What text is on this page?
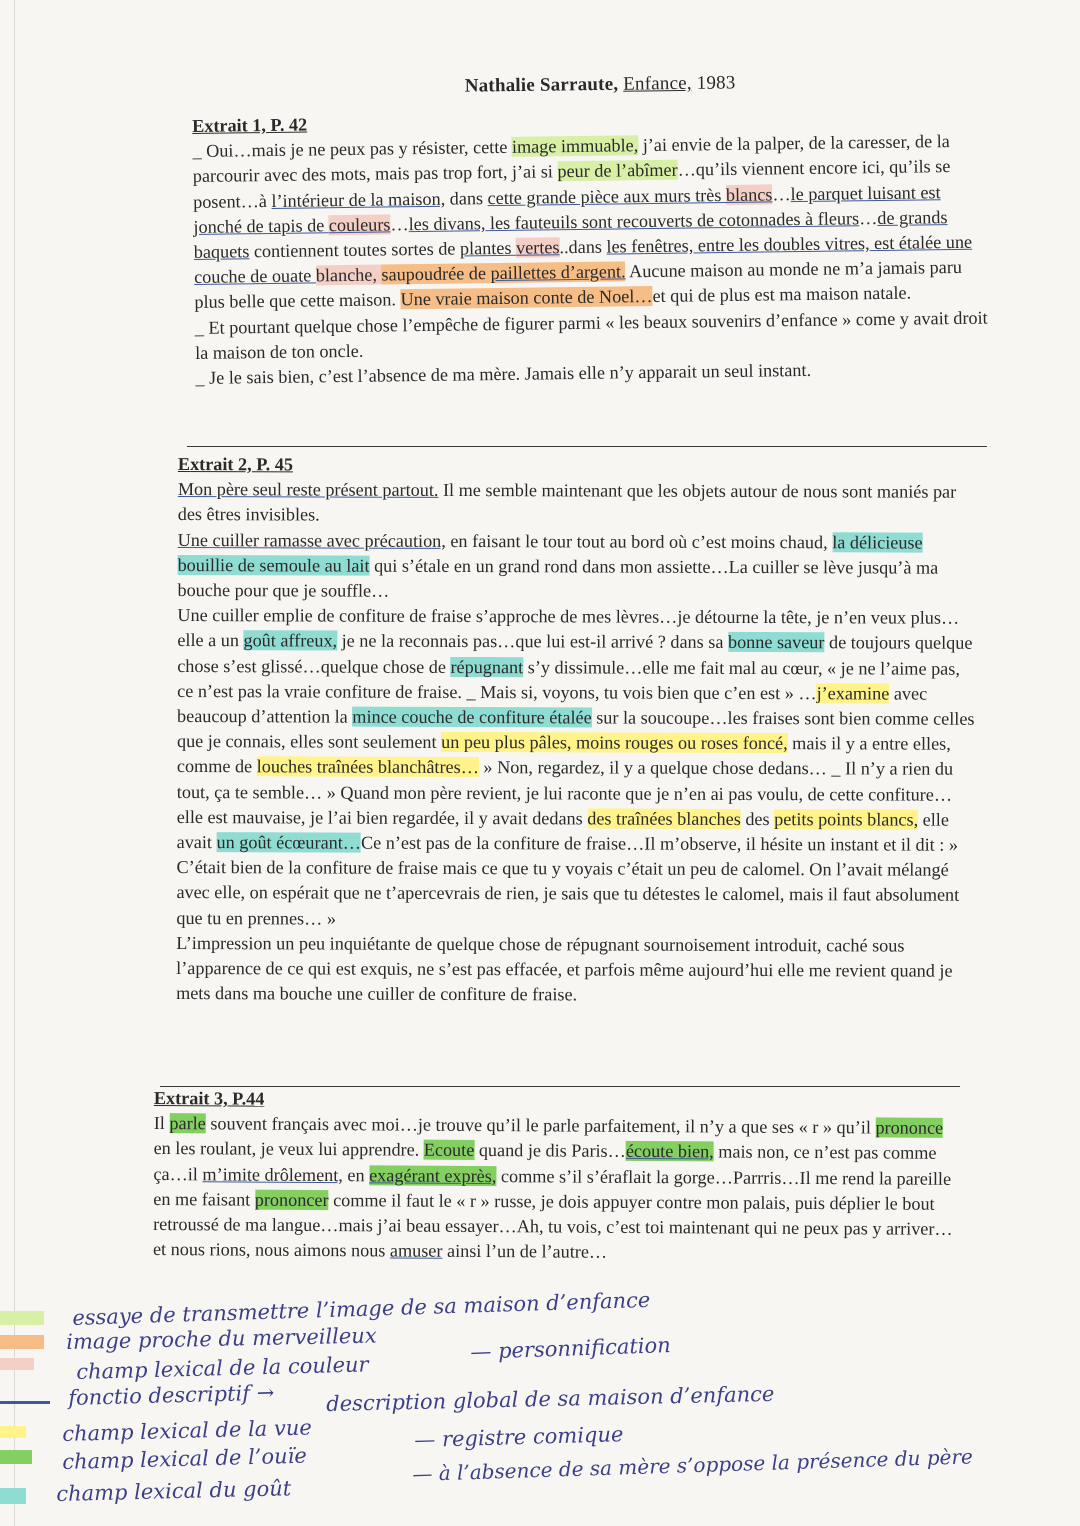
Nathalie Sarraute, Enfance, 1983
Extrait 1, P. 42

_ Oui…mais je ne peux pas y résister, cette image immuable, j’ai envie de la palper, de la caresser, de la parcourir avec des mots, mais pas trop fort, j’ai si peur de l’abîmer…qu’ils viennent encore ici, qu’ils se posent…à l’intérieur de la maison, dans cette grande pièce aux murs très blancs…le parquet luisant est jonché de tapis de couleurs…les divans, les fauteuils sont recouverts de cotonnades à fleurs…de grands baquets contiennent toutes sortes de plantes vertes..dans les fenêtres, entre les doubles vitres, est étalée une couche de ouate blanche, saupoudrée de paillettes d’argent. Aucune maison au monde ne m’a jamais paru plus belle que cette maison. Une vraie maison conte de Noel…et qui de plus est ma maison natale.

_ Et pourtant quelque chose l’empêche de figurer parmi « les beaux souvenirs d’enfance » come y avait droit la maison de ton oncle.

_ Je le sais bien, c’est l’absence de ma mère. Jamais elle n’y apparait un seul instant.

Extrait 2, P. 45

Mon père seul reste présent partout. Il me semble maintenant que les objets autour de nous sont maniés par des êtres invisibles.

Une cuiller ramasse avec précaution, en faisant le tour tout au bord où c’est moins chaud, la délicieuse bouillie de semoule au lait qui s’étale en un grand rond dans mon assiette…La cuiller se lève jusqu’à ma bouche pour que je souffle…

Une cuiller emplie de confiture de fraise s’approche de mes lèvres…je détourne la tête, je n’en veux plus…elle a un goût affreux, je ne la reconnais pas…que lui est-il arrivé ? dans sa bonne saveur de toujours quelque chose s’est glissé…quelque chose de répugnant s’y dissimule…elle me fait mal au cœur, « je ne l’aime pas, ce n’est pas la vraie confiture de fraise. _ Mais si, voyons, tu vois bien que c’en est » …j’examine avec beaucoup d’attention la mince couche de confiture étalée sur la soucoupe…les fraises sont bien comme celles que je connais, elles sont seulement un peu plus pâles, moins rouges ou roses foncé, mais il y a entre elles, comme de louches traînées blanchâtres… » Non, regardez, il y a quelque chose dedans… _ Il n’y a rien du tout, ça te semble… » Quand mon père revient, je lui raconte que je n’en ai pas voulu, de cette confiture… elle est mauvaise, je l’ai bien regardée, il y avait dedans des traînées blanches des petits points blancs, elle avait un goût écœurant…Ce n’est pas de la confiture de fraise…Il m’observe, il hésite un instant et il dit : » C’était bien de la confiture de fraise mais ce que tu y voyais c’était un peu de calomel. On l’avait mélangé avec elle, on espérait que ne t’apercevrais de rien, je sais que tu détestes le calomel, mais il faut absolument que tu en prennes… »

L’impression un peu inquiétante de quelque chose de répugnant sournoisement introduit, caché sous l’apparence de ce qui est exquis, ne s’est pas effacée, et parfois même aujourd’hui elle me revient quand je mets dans ma bouche une cuiller de confiture de fraise.

Extrait 3, P.44

Il parle souvent français avec moi…je trouve qu’il le parle parfaitement, il n’y a que ses « r » qu’il prononce en les roulant, je veux lui apprendre. Ecoute quand je dis Paris…écoute bien, mais non, ce n’est pas comme ça…il m’imite drôlement, en exagérant exprès, comme s’il s’éraflait la gorge…Parrris…Il me rend la pareille en me faisant prononcer comme il faut le « r » russe, je dois appuyer contre mon palais, puis déplier le bout retroussé de ma langue…mais j’ai beau essayer…Ah, tu vois, c’est toi maintenant qui ne peux pas y arriver…et nous rions, nous aimons nous amuser ainsi l’un de l’autre…

essaye de transmettre l’image de sa maison d’enfance
image proche du merveilleux	— personnification
champ lexical de la couleur
fonctio descriptif → description global de sa maison d’enfance
champ lexical de la vue	— registre comique
champ lexical de l’ouïe	— à l’absence de sa mère s’oppose la présence du père
champ lexical du goût
